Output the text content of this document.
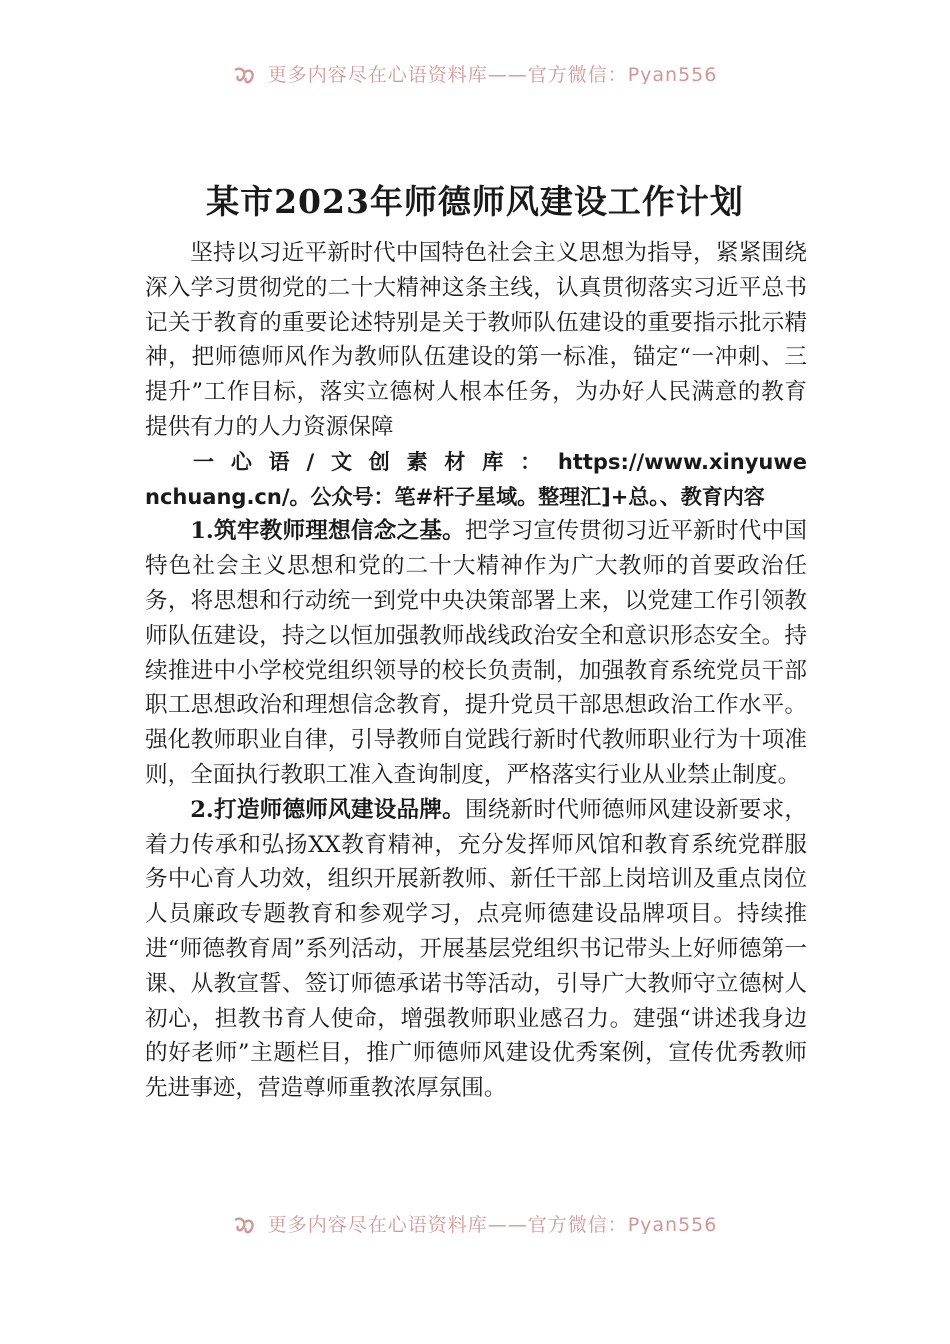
更多内容尽在心语资料库——官方微信：Pyan556
某市2023年师德师风建设工作计划

坚持以习近平新时代中国特色社会主义思想为指导，紧紧围绕深入学习贯彻党的二十大精神这条主线，认真贯彻落实习近平总书记关于教育的重要论述特别是关于教师队伍建设的重要指示批示精神，把师德师风作为教师队伍建设的第一标准，锚定“一冲刺、三提升”工作目标，落实立德树人根本任务，为办好人民满意的教育提供有力的人力资源保障

一心语/文创素材库：https://www.xinyuwenchuang.cn/。公众号：笔#杆子星域。整理汇]+总。、教育内容

1.筑牢教师理想信念之基。把学习宣传贯彻习近平新时代中国特色社会主义思想和党的二十大精神作为广大教师的首要政治任务，将思想和行动统一到党中央决策部署上来，以党建工作引领教师队伍建设，持之以恒加强教师战线政治安全和意识形态安全。持续推进中小学校党组织领导的校长负责制，加强教育系统党员干部职工思想政治和理想信念教育，提升党员干部思想政治工作水平。强化教师职业自律，引导教师自觉践行新时代教师职业行为十项准则，全面执行教职工准入查询制度，严格落实行业从业禁止制度。

2.打造师德师风建设品牌。围绕新时代师德师风建设新要求，着力传承和弘扬XX教育精神，充分发挥师风馆和教育系统党群服务中心育人功效，组织开展新教师、新任干部上岗培训及重点岗位人员廉政专题教育和参观学习，点亮师德建设品牌项目。持续推进“师德教育周”系列活动，开展基层党组织书记带头上好师德第一课、从教宣誓、签订师德承诺书等活动，引导广大教师守立德树人初心，担教书育人使命，增强教师职业感召力。建强“讲述我身边的好老师”主题栏目，推广师德师风建设优秀案例，宣传优秀教师先进事迹，营造尊师重教浓厚氛围。

更多内容尽在心语资料库——官方微信：Pyan556
